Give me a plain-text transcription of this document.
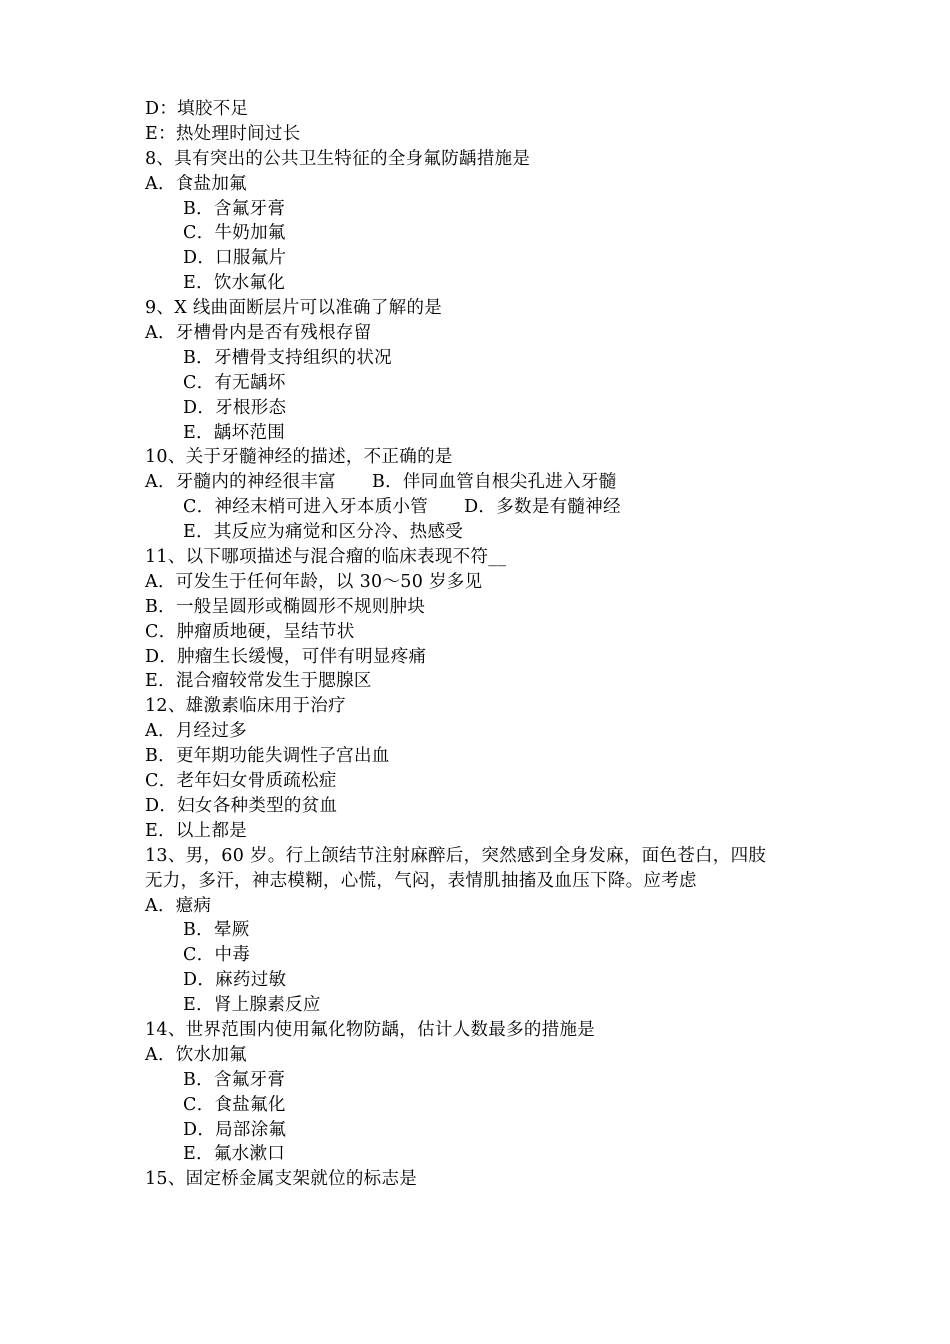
D：填胶不足
E：热处理时间过长
8、具有突出的公共卫生特征的全身氟防龋措施是
A．食盐加氟
B．含氟牙膏
C．牛奶加氟
D．口服氟片
E．饮水氟化
9、X 线曲面断层片可以准确了解的是
A．牙槽骨内是否有残根存留
B．牙槽骨支持组织的状况
C．有无龋坏
D．牙根形态
E．龋坏范围
10、关于牙髓神经的描述，不正确的是
A．牙髓内的神经很丰富 B．伴同血管自根尖孔进入牙髓
C．神经末梢可进入牙本质小管 D．多数是有髓神经
E．其反应为痛觉和区分冷、热感受
11、以下哪项描述与混合瘤的临床表现不符__
A．可发生于任何年龄，以 30～50 岁多见
B．一般呈圆形或椭圆形不规则肿块
C．肿瘤质地硬，呈结节状
D．肿瘤生长缓慢，可伴有明显疼痛
E．混合瘤较常发生于腮腺区
12、雄激素临床用于治疗
A．月经过多
B．更年期功能失调性子宫出血
C．老年妇女骨质疏松症
D．妇女各种类型的贫血
E．以上都是
13、男，60 岁。行上颌结节注射麻醉后，突然感到全身发麻，面色苍白，四肢
无力，多汗，神志模糊，心慌，气闷，表情肌抽搐及血压下降。应考虑
A．癔病
B．晕厥
C．中毒
D．麻药过敏
E．肾上腺素反应
14、世界范围内使用氟化物防龋，估计人数最多的措施是
A．饮水加氟
B．含氟牙膏
C．食盐氟化
D．局部涂氟
E．氟水漱口
15、固定桥金属支架就位的标志是
